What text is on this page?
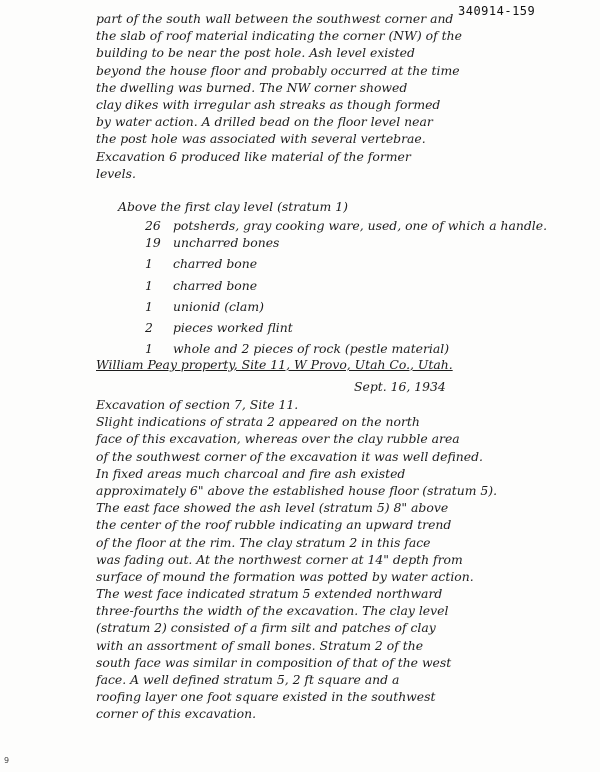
340914-159
part of the south wall between the southwest corner and
the slab of roof material indicating the corner (NW) of the
building to be near the post hole. Ash level existed
beyond the house floor and probably occurred at the time
the dwelling was burned. The NW corner showed
clay dikes with irregular ash streaks as though formed
by water action. A drilled bead on the floor level near
the post hole was associated with several vertebrae.
Excavation 6 produced like material of the former
levels.
Above the first clay level (stratum 1)
26 potsherds, gray cooking ware, used, one of which a handle.
19 uncharred bones
1	charred bone
1	charred bone
1	unionid (clam)
2	pieces worked flint
1	whole and 2 pieces of rock (pestle material)
William Peay property, Site 11, W Provo, Utah Co., Utah.
Sept. 16, 1934
Excavation of section 7, Site 11.
Slight indications of strata 2 appeared on the north
face of this excavation, whereas over the clay rubble area
of the southwest corner of the excavation it was well defined.
In fixed areas much charcoal and fire ash existed
approximately 6" above the established house floor (stratum 5).
The east face showed the ash level (stratum 5) 8" above
the center of the roof rubble indicating an upward trend
of the floor at the rim. The clay stratum 2 in this face
was fading out. At the northwest corner at 14" depth from
surface of mound the formation was potted by water action.
The west face indicated stratum 5 extended northward
three-fourths the width of the excavation. The clay level
(stratum 2) consisted of a firm silt and patches of clay
with an assortment of small bones. Stratum 2 of the
south face was similar in composition of that of the west
face. A well defined stratum 5, 2 ft square and a
roofing layer one foot square existed in the southwest
corner of this excavation.
9
